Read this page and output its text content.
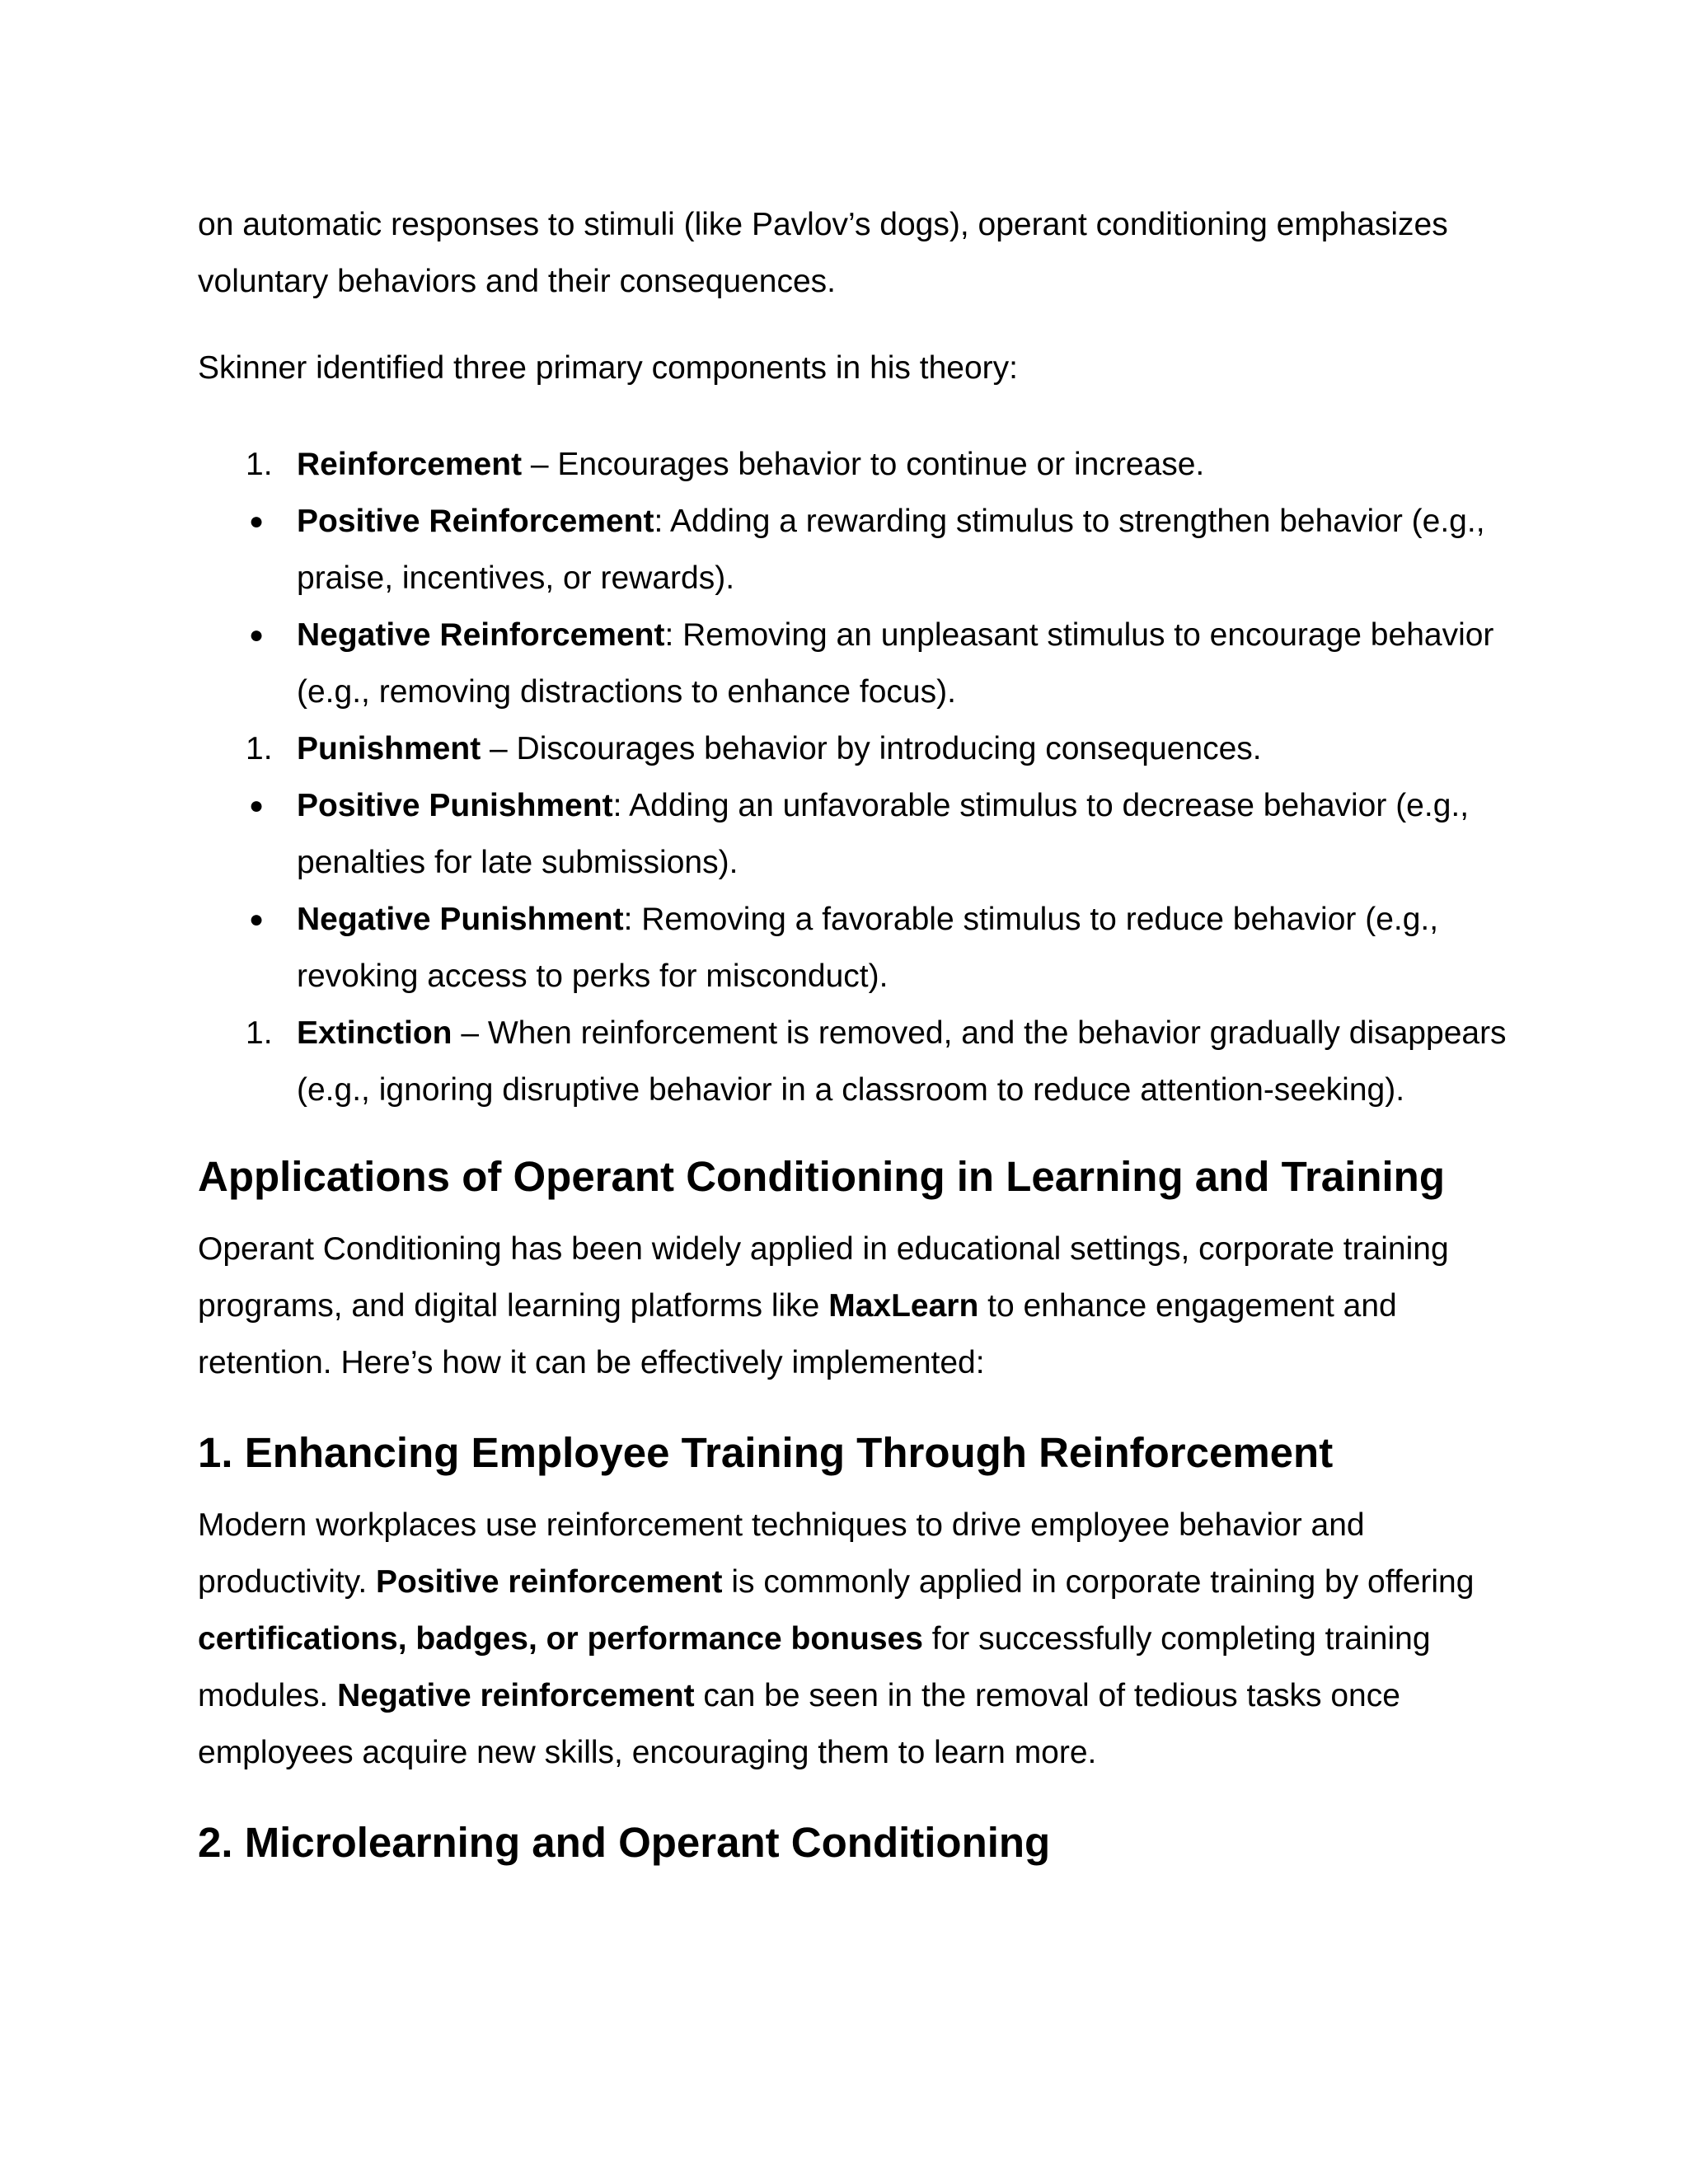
on automatic responses to stimuli (like Pavlov’s dogs), operant conditioning emphasizes voluntary behaviors and their consequences.

Skinner identified three primary components in his theory:

1. Reinforcement – Encourages behavior to continue or increase.
●	Positive Reinforcement: Adding a rewarding stimulus to strengthen behavior (e.g., praise, incentives, or rewards).
●	Negative Reinforcement: Removing an unpleasant stimulus to encourage behavior (e.g., removing distractions to enhance focus).
1. Punishment – Discourages behavior by introducing consequences.
●	Positive Punishment: Adding an unfavorable stimulus to decrease behavior (e.g., penalties for late submissions).
●	Negative Punishment: Removing a favorable stimulus to reduce behavior (e.g., revoking access to perks for misconduct).
1. Extinction – When reinforcement is removed, and the behavior gradually disappears (e.g., ignoring disruptive behavior in a classroom to reduce attention-seeking).
Applications of Operant Conditioning in Learning and Training

Operant Conditioning has been widely applied in educational settings, corporate training programs, and digital learning platforms like MaxLearn to enhance engagement and retention. Here’s how it can be effectively implemented:

1. Enhancing Employee Training Through Reinforcement

Modern workplaces use reinforcement techniques to drive employee behavior and productivity. Positive reinforcement is commonly applied in corporate training by offering certifications, badges, or performance bonuses for successfully completing training modules. Negative reinforcement can be seen in the removal of tedious tasks once employees acquire new skills, encouraging them to learn more.

2. Microlearning and Operant Conditioning
